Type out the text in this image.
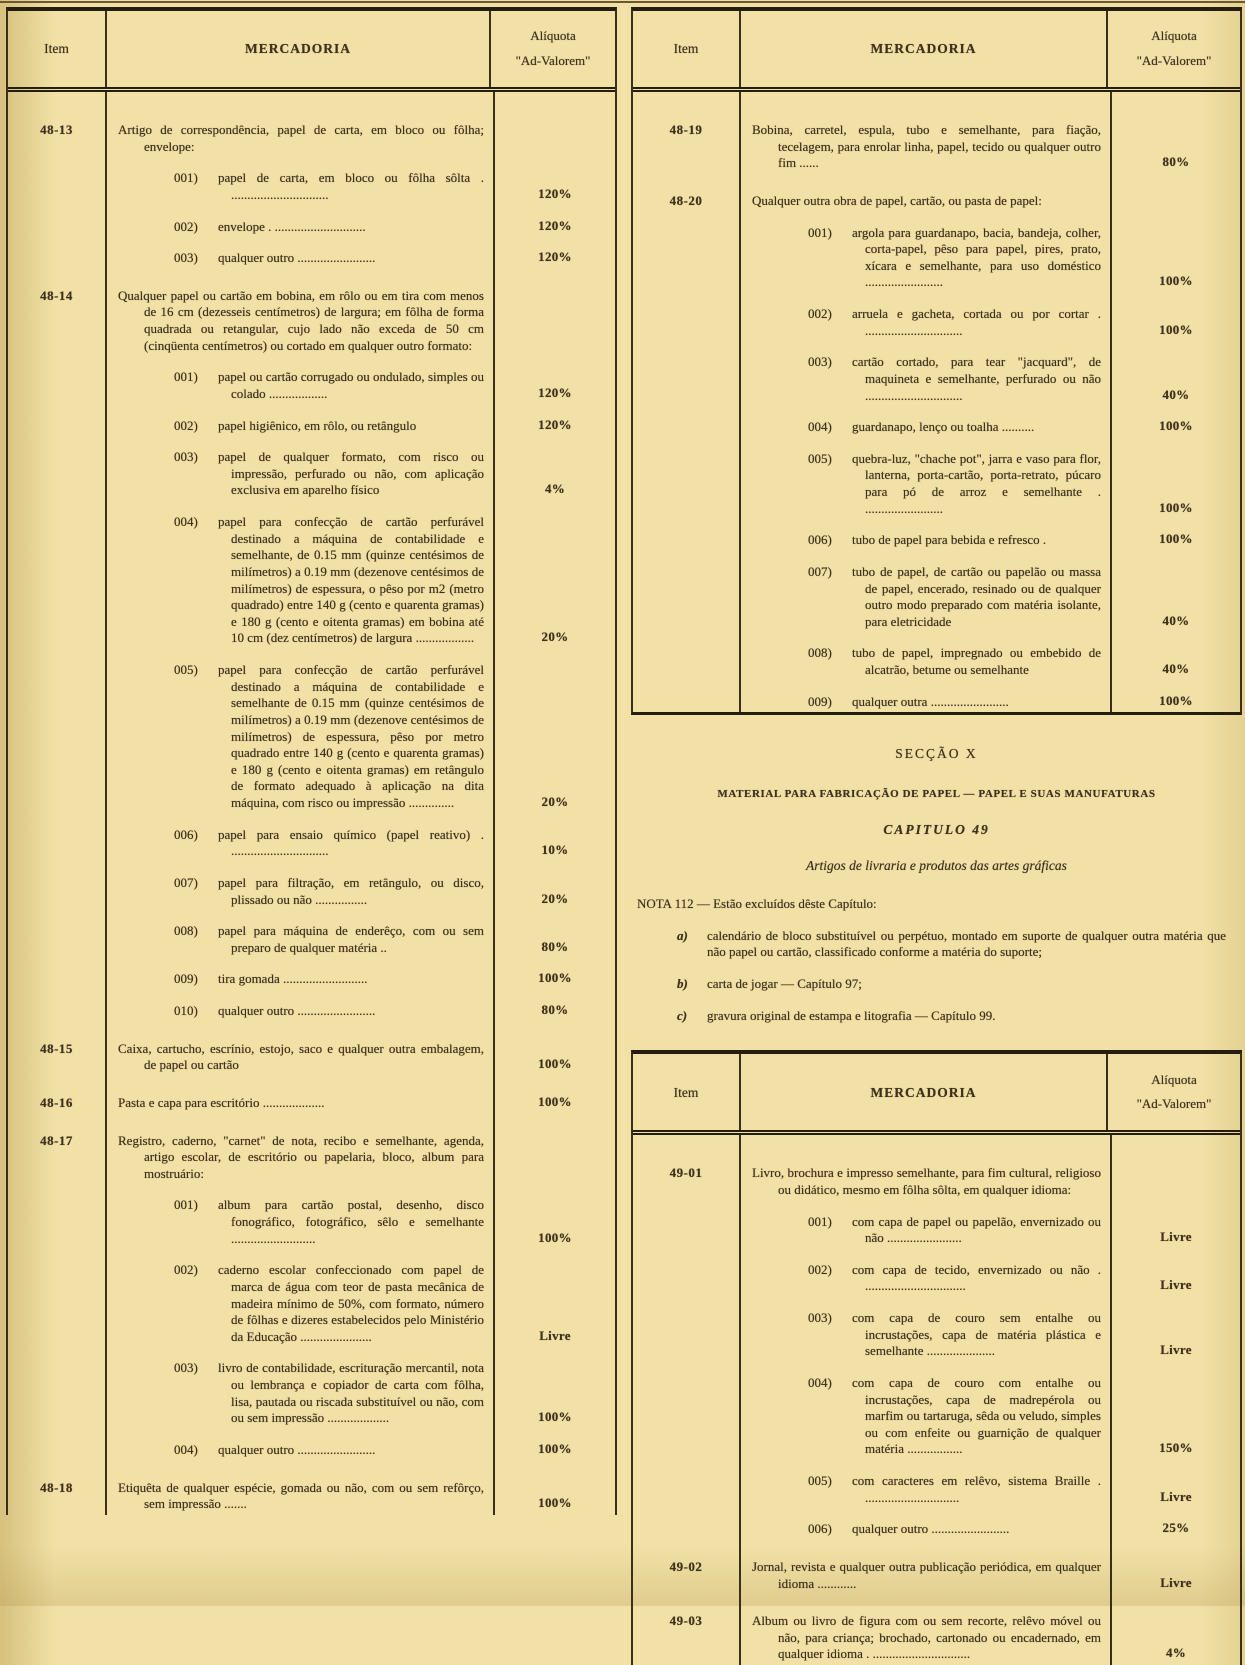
Item	MERCADORIA
Alíquota
"Ad-Valorem"
48-13	Artigo de correspondência, papel de carta, em bloco ou fôlha; envelope:
001)	papel de carta, em bloco ou fôlha sôlta . ..............................	120%
002)	envelope . ............................	120%
003)	qualquer outro ........................	120%
48-14	Qualquer papel ou cartão em bobina, em rôlo ou em tira com menos de 16 cm (dezesseis centímetros) de largura; em fôlha de forma quadrada ou retangular, cujo lado não exceda de 50 cm (cinqüenta centímetros) ou cortado em qualquer outro formato:
001)	papel ou cartão corrugado ou ondulado, simples ou colado ..................	120%
002)	papel higiênico, em rôlo, ou retângulo	120%
003)	papel de qualquer formato, com risco ou impressão, perfurado ou não, com aplicação exclusiva em aparelho físico	4%
004)	papel para confecção de cartão perfurável destinado a máquina de contabilidade e semelhante, de 0.15 mm (quinze centésimos de milímetros) a 0.19 mm (dezenove centésimos de milímetros) de espessura, o pêso por m2 (metro quadrado) entre 140 g (cento e quarenta gramas) e 180 g (cento e oitenta gramas) em bobina até 10 cm (dez centímetros) de largura ..................	20%
005)	papel para confecção de cartão perfurável destinado a máquina de contabilidade e semelhante de 0.15 mm (quinze centésimos de milímetros) a 0.19 mm (dezenove centésimos de milímetros) de espessura, pêso por metro quadrado entre 140 g (cento e quarenta gramas) e 180 g (cento e oitenta gramas) em retângulo de formato adequado à aplicação na dita máquina, com risco ou impressão ..............	20%
006)	papel para ensaio químico (papel reativo) . ..............................	10%
007)	papel para filtração, em retângulo, ou disco, plissado ou não ................	20%
008)	papel para máquina de enderêço, com ou sem preparo de qualquer matéria ..	80%
009)	tira gomada ..........................	100%
010)	qualquer outro ........................	80%
48-15	Caixa, cartucho, escrínio, estojo, saco e qualquer outra embalagem, de papel ou cartão	100%
48-16	Pasta e capa para escritório ...................	100%
48-17	Registro, caderno, "carnet" de nota, recibo e semelhante, agenda, artigo escolar, de escritório ou papelaria, bloco, album para mostruário:
001)	album para cartão postal, desenho, disco fonográfico, fotográfico, sêlo e semelhante ..........................	100%
002)	caderno escolar confeccionado com papel de marca de água com teor de pasta mecânica de madeira mínimo de 50%, com formato, número de fôlhas e dizeres estabelecidos pelo Ministério da Educação ......................	Livre
003)	livro de contabilidade, escrituração mercantil, nota ou lembrança e copiador de carta com fôlha, lisa, pautada ou riscada substituível ou não, com ou sem impressão ...................	100%
004)	qualquer outro ........................	100%
48-18	Etiquêta de qualquer espécie, gomada ou não, com ou sem refôrço, sem impressão .......	100%
Item	MERCADORIA
Alíquota
"Ad-Valorem"
48-19	Bobina, carretel, espula, tubo e semelhante, para fiação, tecelagem, para enrolar linha, papel, tecido ou qualquer outro fim ......	80%
48-20	Qualquer outra obra de papel, cartão, ou pasta de papel:
001)	argola para guardanapo, bacia, bandeja, colher, corta-papel, pêso para papel, pires, prato, xícara e semelhante, para uso doméstico ........................	100%
002)	arruela e gacheta, cortada ou por cortar . ..............................	100%
003)	cartão cortado, para tear "jacquard", de maquineta e semelhante, perfurado ou não ..............................	40%
004)	guardanapo, lenço ou toalha ..........	100%
005)	quebra-luz, "chache pot", jarra e vaso para flor, lanterna, porta-cartão, porta-retrato, púcaro para pó de arroz e semelhante . ........................	100%
006)	tubo de papel para bebida e refresco .	100%
007)	tubo de papel, de cartão ou papelão ou massa de papel, encerado, resinado ou de qualquer outro modo preparado com matéria isolante, para eletricidade	40%
008)	tubo de papel, impregnado ou embebido de alcatrão, betume ou semelhante	40%
009)	qualquer outra ........................	100%
SECÇÃO X
MATERIAL PARA FABRICAÇÃO DE PAPEL — PAPEL E SUAS MANUFATURAS
CAPITULO 49
Artigos de livraria e produtos das artes gráficas
NOTA 112 — Estão excluídos dêste Capítulo:
a)	calendário de bloco substituível ou perpétuo, montado em suporte de qualquer outra matéria que não papel ou cartão, classificado conforme a matéria do suporte;
b)	carta de jogar — Capítulo 97;
c)	gravura original de estampa e litografia — Capítulo 99.
Item	MERCADORIA
Alíquota
"Ad-Valorem"
49-01	Livro, brochura e impresso semelhante, para fim cultural, religioso ou didático, mesmo em fôlha sôlta, em qualquer idioma:
001)	com capa de papel ou papelão, envernizado ou não .......................	Livre
002)	com capa de tecido, envernizado ou não . ...............................	Livre
003)	com capa de couro sem entalhe ou incrustações, capa de matéria plástica e semelhante .....................	Livre
004)	com capa de couro com entalhe ou incrustações, capa de madrepérola ou marfim ou tartaruga, sêda ou veludo, simples ou com enfeite ou guarnição de qualquer matéria .................	150%
005)	com caracteres em relêvo, sistema Braille . .............................	Livre
006)	qualquer outro ........................	25%
49-02	Jornal, revista e qualquer outra publicação periódica, em qualquer idioma ............	Livre
49-03	Album ou livro de figura com ou sem recorte, relêvo móvel ou não, para criança; brochado, cartonado ou encadernado, em qualquer idioma . ..............................	4%
